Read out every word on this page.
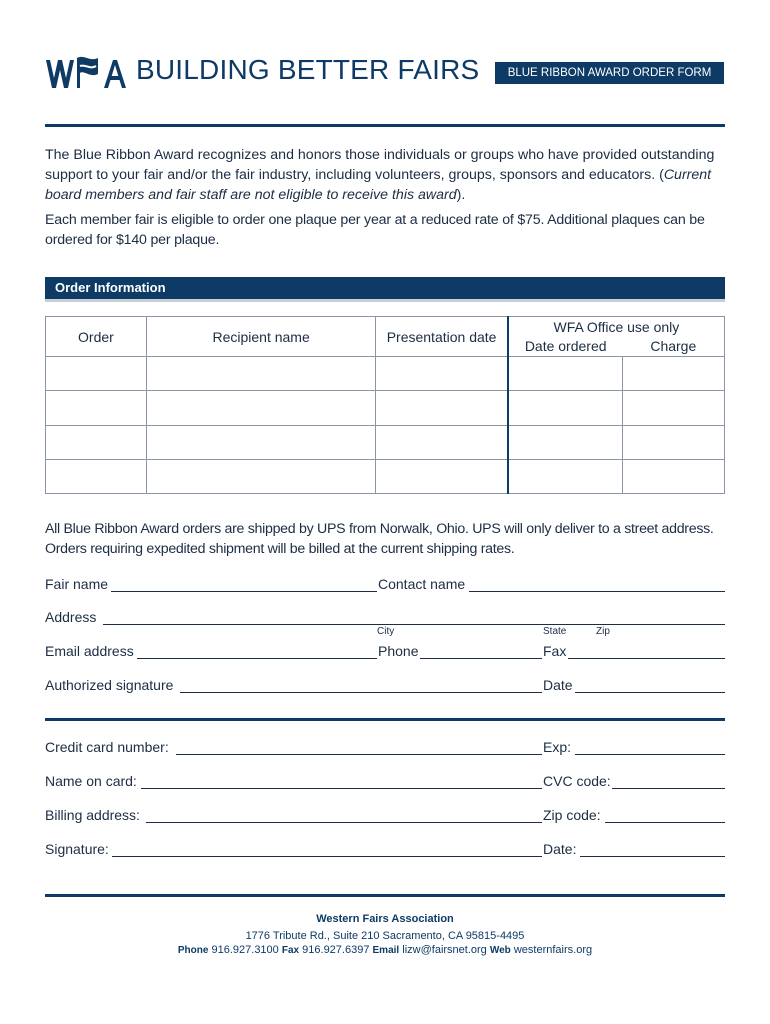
BUILDING BETTER FAIRS	BLUE RIBBON AWARD ORDER FORM
The Blue Ribbon Award recognizes and honors those individuals or groups who have provided outstanding support to your fair and/or the fair industry, including volunteers, groups, sponsors and educators. (Current board members and fair staff are not eligible to receive this award).
Each member fair is eligible to order one plaque per year at a reduced rate of $75. Additional plaques can be ordered for $140 per plaque.
Order Information
Order	Recipient name	Presentation date	WFA Office use only	
			Date ordered	Charge

All Blue Ribbon Award orders are shipped by UPS from Norwalk, Ohio. UPS will only deliver to a street address. Orders requiring expedited shipment will be billed at the current shipping rates.
Fair name	Contact name
Address
City	State	Zip
Email address	Phone	Fax
Authorized signature	Date
Credit card number:	Exp:
Name on card:	CVC code:
Billing address:	Zip code:
Signature:	Date:
Western Fairs Association
1776 Tribute Rd., Suite 210 Sacramento, CA 95815-4495
Phone 916.927.3100 Fax 916.927.6397 Email lizw@fairsnet.org Web westernfairs.org
